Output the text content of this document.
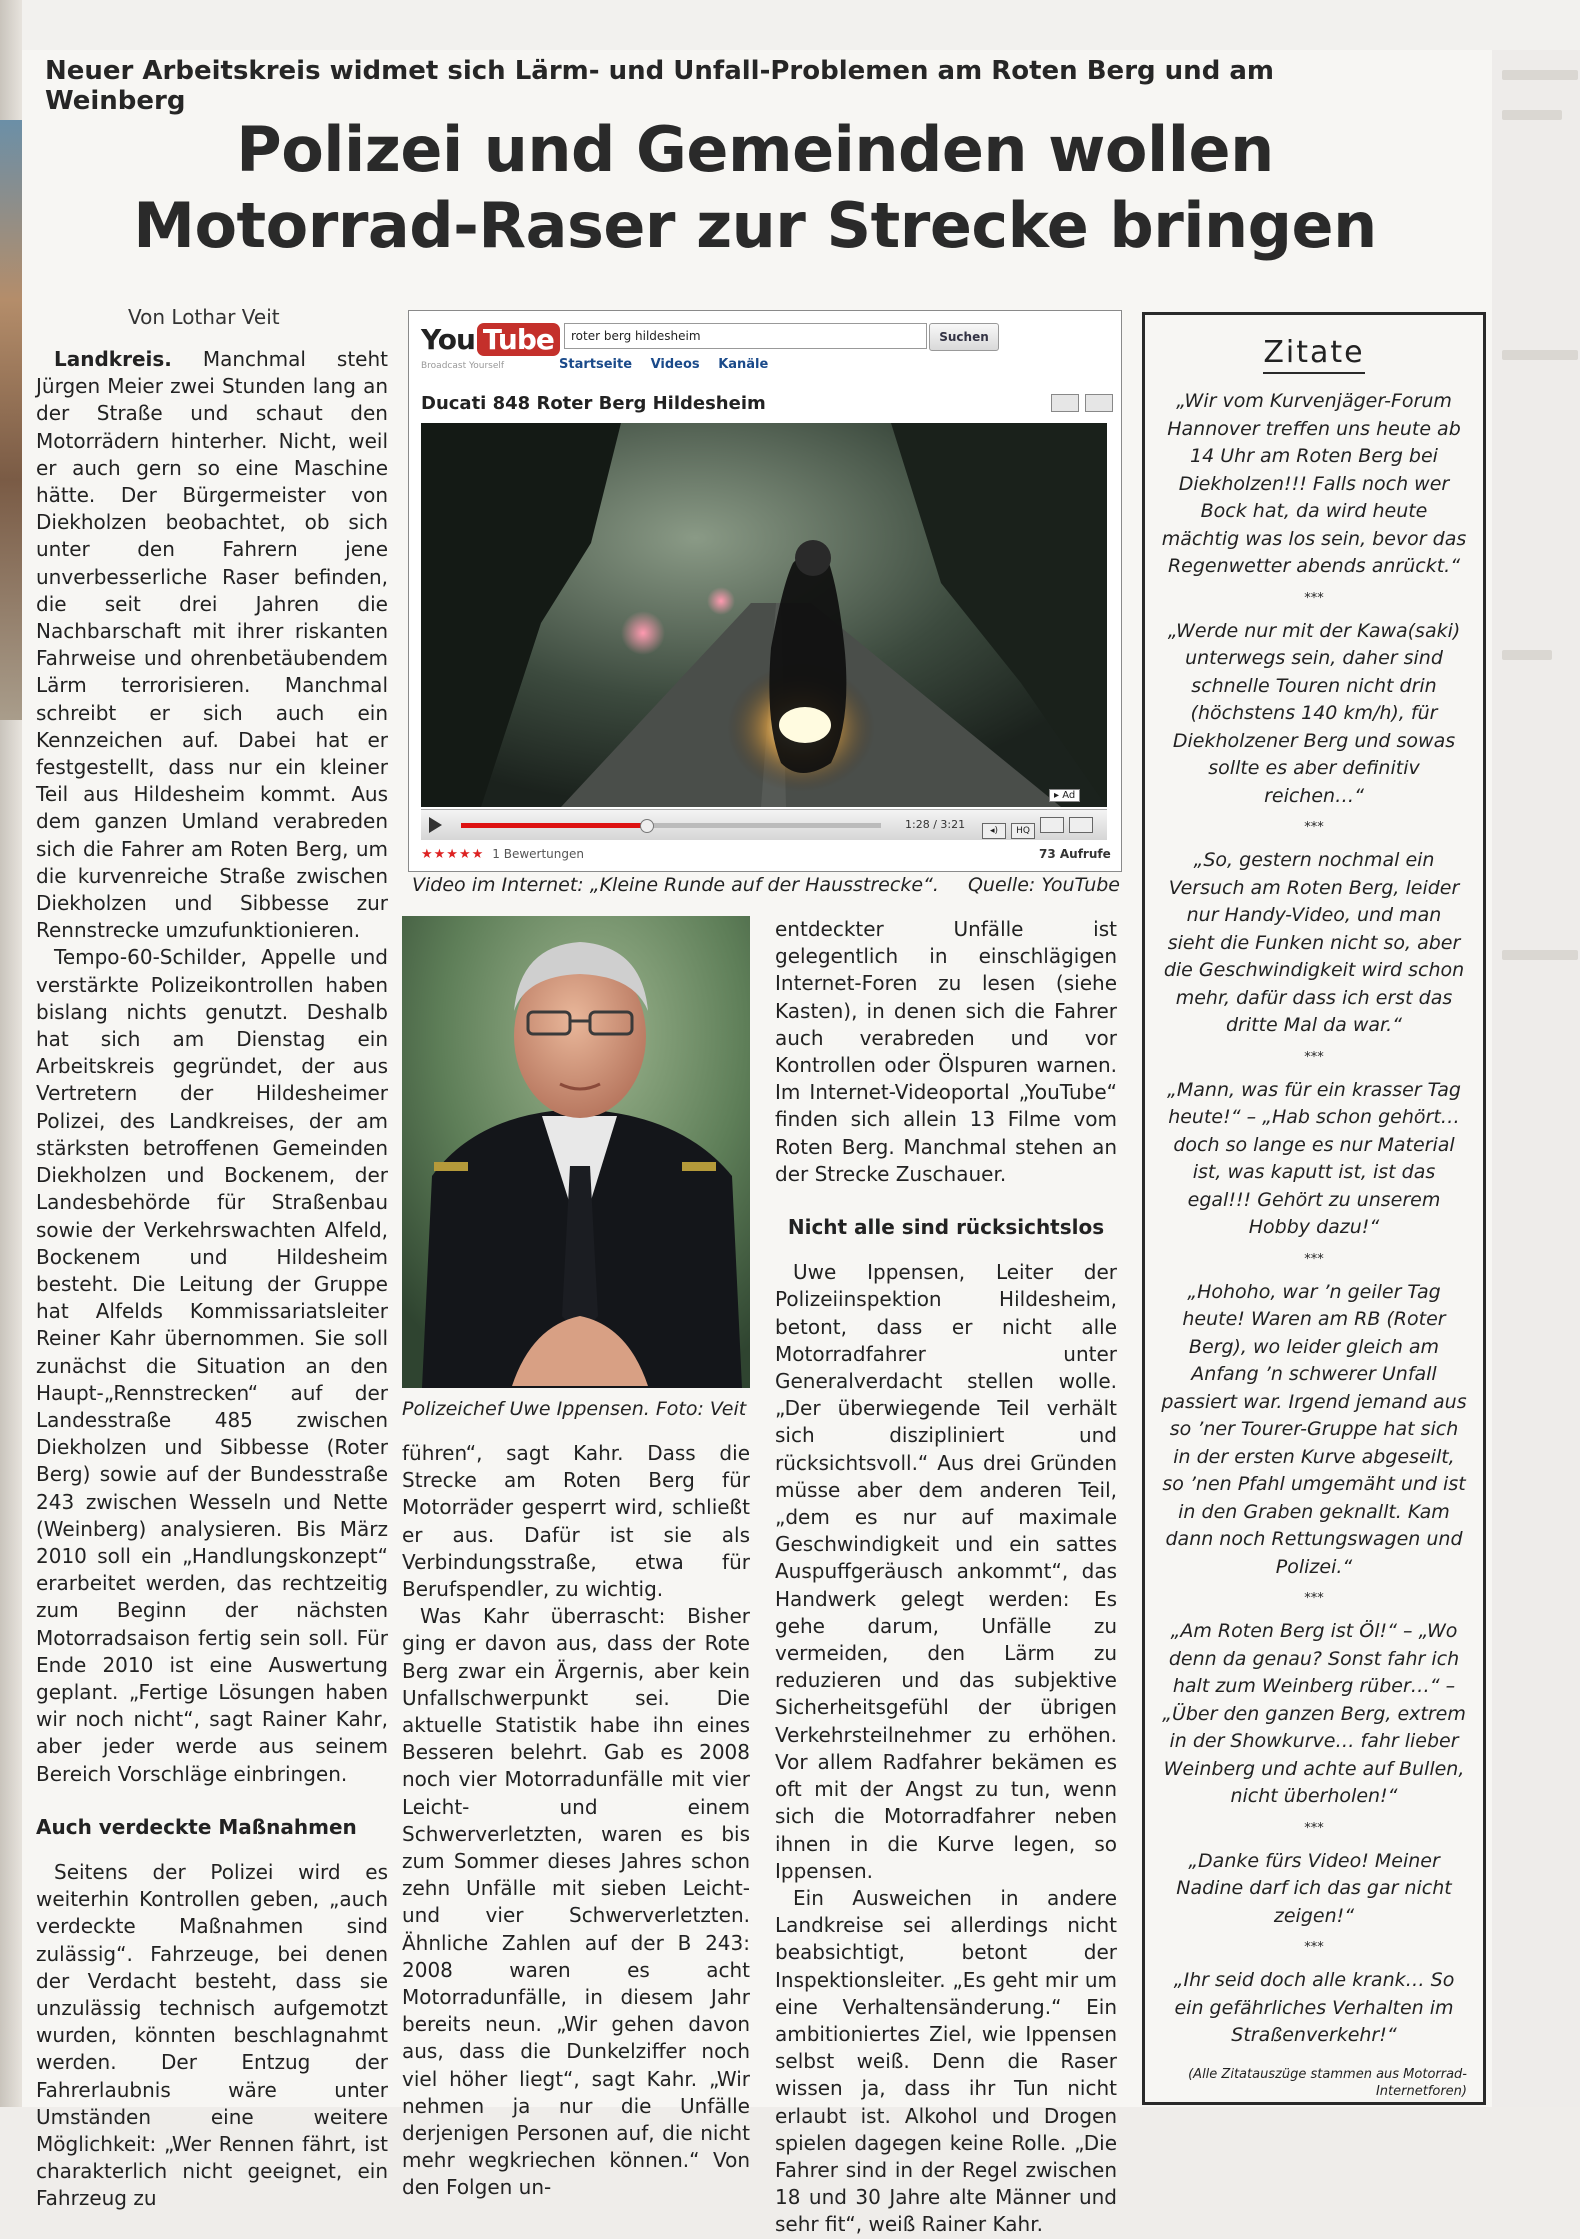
Neuer Arbeitskreis widmet sich Lärm- und Unfall-Problemen am Roten Berg und am Weinberg
Polizei und Gemeinden wollen
Motorrad-Raser zur Strecke bringen
Von Lothar Veit

Landkreis. Manchmal steht Jürgen Meier zwei Stunden lang an der Straße und schaut den Motorrädern hinterher. Nicht, weil er auch gern so eine Maschine hätte. Der Bürgermeister von Diekholzen beobachtet, ob sich unter den Fahrern jene unverbesserliche Raser befinden, die seit drei Jahren die Nachbarschaft mit ihrer riskanten Fahrweise und ohrenbetäubendem Lärm terrorisieren. Manchmal schreibt er sich auch ein Kennzeichen auf. Dabei hat er festgestellt, dass nur ein kleiner Teil aus Hildesheim kommt. Aus dem ganzen Umland verabreden sich die Fahrer am Roten Berg, um die kurvenreiche Straße zwischen Diekholzen und Sibbesse zur Rennstrecke umzufunktionieren.

Tempo-60-Schilder, Appelle und verstärkte Polizeikontrollen haben bislang nichts genutzt. Deshalb hat sich am Dienstag ein Arbeitskreis gegründet, der aus Vertretern der Hildesheimer Polizei, des Landkreises, der am stärksten betroffenen Gemeinden Diekholzen und Bockenem, der Landesbehörde für Straßenbau sowie der Verkehrswachten Alfeld, Bockenem und Hildesheim besteht. Die Leitung der Gruppe hat Alfelds Kommissariatsleiter Reiner Kahr übernommen. Sie soll zunächst die Situation an den Haupt-„Rennstrecken“ auf der Landesstraße 485 zwischen Diekholzen und Sibbesse (Roter Berg) sowie auf der Bundesstraße 243 zwischen Wesseln und Nette (Weinberg) analysieren. Bis März 2010 soll ein „Handlungskonzept“ erarbeitet werden, das rechtzeitig zum Beginn der nächsten Motorradsaison fertig sein soll. Für Ende 2010 ist eine Auswertung geplant. „Fertige Lösungen haben wir noch nicht“, sagt Rainer Kahr, aber jeder werde aus seinem Bereich Vorschläge einbringen.

Auch verdeckte Maßnahmen

Seitens der Polizei wird es weiterhin Kontrollen geben, „auch verdeckte Maßnahmen sind zulässig“. Fahrzeuge, bei denen der Verdacht besteht, dass sie unzulässig technisch aufgemotzt wurden, könnten beschlagnahmt werden. Der Entzug der Fahrerlaubnis wäre unter Umständen eine weitere Möglichkeit: „Wer Rennen fährt, ist charakterlich nicht geeignet, ein Fahrzeug zu

You Tube
Broadcast Yourself
roter berg hildesheim	Suchen
Startseite Videos Kanäle
Ducati 848 Roter Berg Hildesheim
▸ Ad
1:28 / 3:21	◂) HQ
★★★★★ 1 Bewertungen	73 Aufrufe
Video im Internet: „Kleine Runde auf der Hausstrecke“. Quelle: YouTube
Polizeichef Uwe Ippensen. Foto: Veit

führen“, sagt Kahr. Dass die Strecke am Roten Berg für Motorräder gesperrt wird, schließt er aus. Dafür ist sie als Verbindungsstraße, etwa für Berufspendler, zu wichtig.

Was Kahr überrascht: Bisher ging er davon aus, dass der Rote Berg zwar ein Ärgernis, aber kein Unfallschwerpunkt sei. Die aktuelle Statistik habe ihn eines Besseren belehrt. Gab es 2008 noch vier Motorradunfälle mit vier Leicht- und einem Schwerverletzten, waren es bis zum Sommer dieses Jahres schon zehn Unfälle mit sieben Leicht- und vier Schwerverletzten. Ähnliche Zahlen auf der B 243: 2008 waren es acht Motorradunfälle, in diesem Jahr bereits neun. „Wir gehen davon aus, dass die Dunkelziffer noch viel höher liegt“, sagt Kahr. „Wir nehmen ja nur die Unfälle derjenigen Personen auf, die nicht mehr wegkriechen können.“ Von den Folgen un-

entdeckter Unfälle ist gelegentlich in einschlägigen Internet-Foren zu lesen (siehe Kasten), in denen sich die Fahrer auch verabreden und vor Kontrollen oder Ölspuren warnen. Im Internet-Videoportal „YouTube“ finden sich allein 13 Filme vom Roten Berg. Manchmal stehen an der Strecke Zuschauer.

Nicht alle sind rücksichtslos

Uwe Ippensen, Leiter der Polizeiinspektion Hildesheim, betont, dass er nicht alle Motorradfahrer unter Generalverdacht stellen wolle. „Der überwiegende Teil verhält sich diszipliniert und rücksichtsvoll.“ Aus drei Gründen müsse aber dem anderen Teil, „dem es nur auf maximale Geschwindigkeit und ein sattes Auspuffgeräusch ankommt“, das Handwerk gelegt werden: Es gehe darum, Unfälle zu vermeiden, den Lärm zu reduzieren und das subjektive Sicherheitsgefühl der übrigen Verkehrsteilnehmer zu erhöhen. Vor allem Radfahrer bekämen es oft mit der Angst zu tun, wenn sich die Motorradfahrer neben ihnen in die Kurve legen, so Ippensen.

Ein Ausweichen in andere Landkreise sei allerdings nicht beabsichtigt, betont der Inspektionsleiter. „Es geht mir um eine Verhaltensänderung.“ Ein ambitioniertes Ziel, wie Ippensen selbst weiß. Denn die Raser wissen ja, dass ihr Tun nicht erlaubt ist. Alkohol und Drogen spielen dagegen keine Rolle. „Die Fahrer sind in der Regel zwischen 18 und 30 Jahre alte Männer und sehr fit“, weiß Rainer Kahr.

Zitate
„Wir vom Kurvenjäger-Forum Hannover treffen uns heute ab 14 Uhr am Roten Berg bei Diekholzen!!! Falls noch wer Bock hat, da wird heute mächtig was los sein, bevor das Regenwetter abends anrückt.“
***
„Werde nur mit der Kawa(saki) unterwegs sein, daher sind schnelle Touren nicht drin (höchstens 140 km/h), für Diekholzener Berg und sowas sollte es aber definitiv reichen…“
***
„So, gestern nochmal ein Versuch am Roten Berg, leider nur Handy-Video, und man sieht die Funken nicht so, aber die Geschwindigkeit wird schon mehr, dafür dass ich erst das dritte Mal da war.“
***
„Mann, was für ein krasser Tag heute!“ – „Hab schon gehört… doch so lange es nur Material ist, was kaputt ist, ist das egal!!! Gehört zu unserem Hobby dazu!“
***
„Hohoho, war ’n geiler Tag heute! Waren am RB (Roter Berg), wo leider gleich am Anfang ’n schwerer Unfall passiert war. Irgend jemand aus so ’ner Tourer-Gruppe hat sich in der ersten Kurve abgeseilt, so ’nen Pfahl umgemäht und ist in den Graben geknallt. Kam dann noch Rettungswagen und Polizei.“
***
„Am Roten Berg ist Öl!“ – „Wo denn da genau? Sonst fahr ich halt zum Weinberg rüber…“ – „Über den ganzen Berg, extrem in der Showkurve… fahr lieber Weinberg und achte auf Bullen, nicht überholen!“
***
„Danke fürs Video! Meiner Nadine darf ich das gar nicht zeigen!“
***
„Ihr seid doch alle krank… So ein gefährliches Verhalten im Straßenverkehr!“
(Alle Zitatauszüge stammen aus Motorrad-Internetforen)
